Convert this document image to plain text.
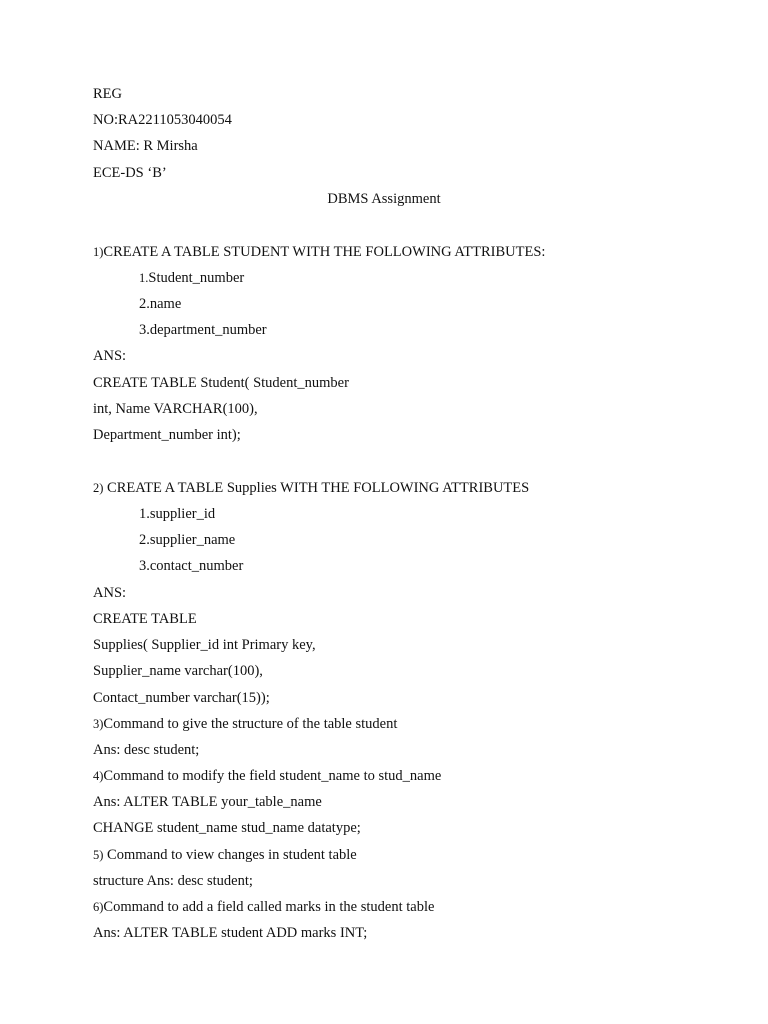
REG
NO:RA2211053040054
NAME: R Mirsha
ECE-DS ‘B’
DBMS Assignment
1)CREATE A TABLE STUDENT WITH THE FOLLOWING ATTRIBUTES:
1.Student_number
2.name
3.department_number
ANS:
CREATE TABLE Student( Student_number
int, Name VARCHAR(100),
Department_number int);
2) CREATE A TABLE Supplies WITH THE FOLLOWING ATTRIBUTES
1.supplier_id
2.supplier_name
3.contact_number
ANS:
CREATE TABLE
Supplies( Supplier_id int Primary key,
Supplier_name varchar(100),
Contact_number varchar(15));
3)Command to give the structure of the table student
Ans: desc student;
4)Command to modify the field student_name to stud_name
Ans: ALTER TABLE your_table_name
CHANGE student_name stud_name datatype;
5) Command to view changes in student table
structure Ans: desc student;
6)Command to add a field called marks in the student table
Ans: ALTER TABLE student ADD marks INT;
